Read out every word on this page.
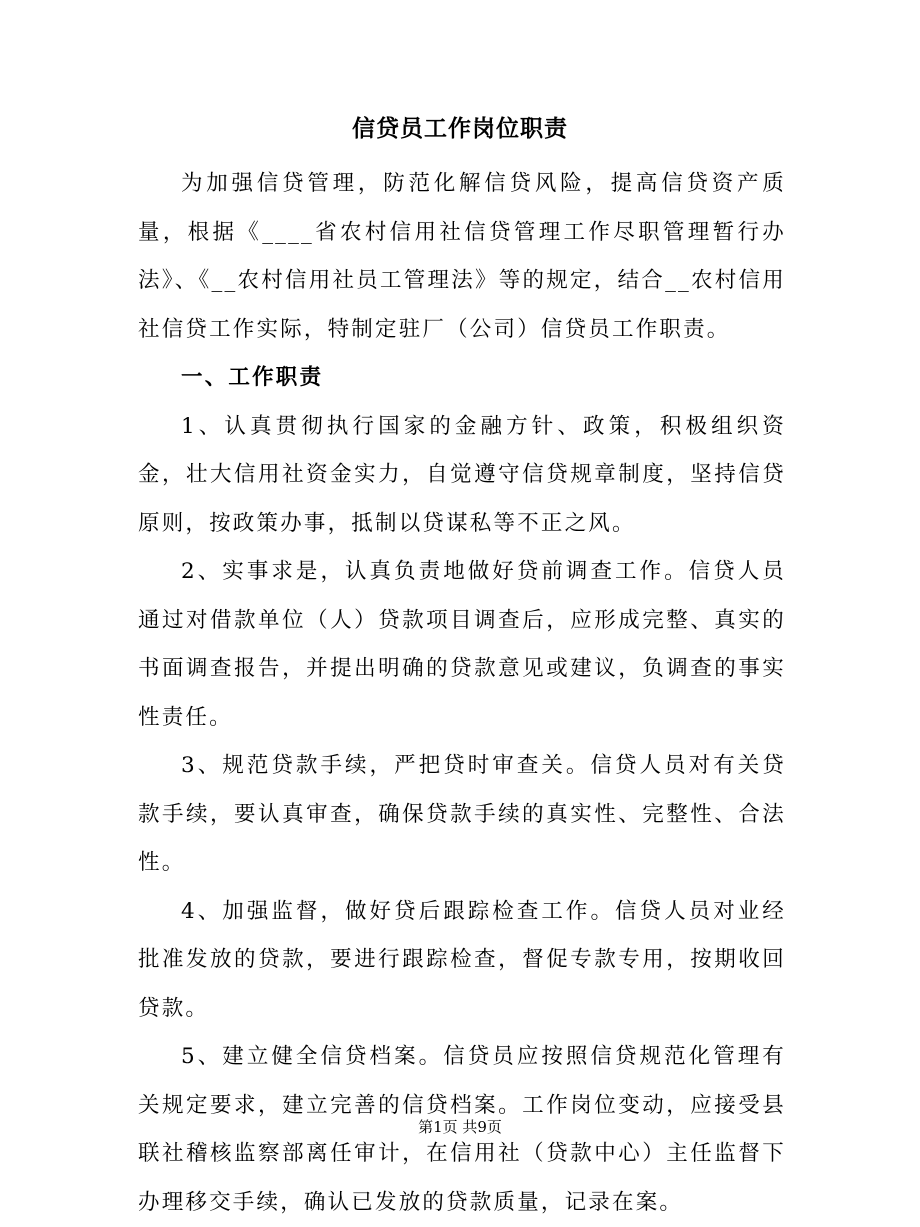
信贷员工作岗位职责

为加强信贷管理，防范化解信贷风险，提高信贷资产质量，根据《____省农村信用社信贷管理工作尽职管理暂行办法》、《__农村信用社员工管理法》等的规定，结合__农村信用社信贷工作实际，特制定驻厂（公司）信贷员工作职责。

一、工作职责

1、认真贯彻执行国家的金融方针、政策，积极组织资金，壮大信用社资金实力，自觉遵守信贷规章制度，坚持信贷原则，按政策办事，抵制以贷谋私等不正之风。

2、实事求是，认真负责地做好贷前调查工作。信贷人员通过对借款单位（人）贷款项目调查后，应形成完整、真实的书面调查报告，并提出明确的贷款意见或建议，负调查的事实性责任。

3、规范贷款手续，严把贷时审查关。信贷人员对有关贷款手续，要认真审查，确保贷款手续的真实性、完整性、合法性。

4、加强监督，做好贷后跟踪检查工作。信贷人员对业经批准发放的贷款，要进行跟踪检查，督促专款专用，按期收回贷款。

5、建立健全信贷档案。信贷员应按照信贷规范化管理有关规定要求，建立完善的信贷档案。工作岗位变动，应接受县联社稽核监察部离任审计，在信用社（贷款中心）主任监督下办理移交手续，确认已发放的贷款质量，记录在案。

第1页 共9页
